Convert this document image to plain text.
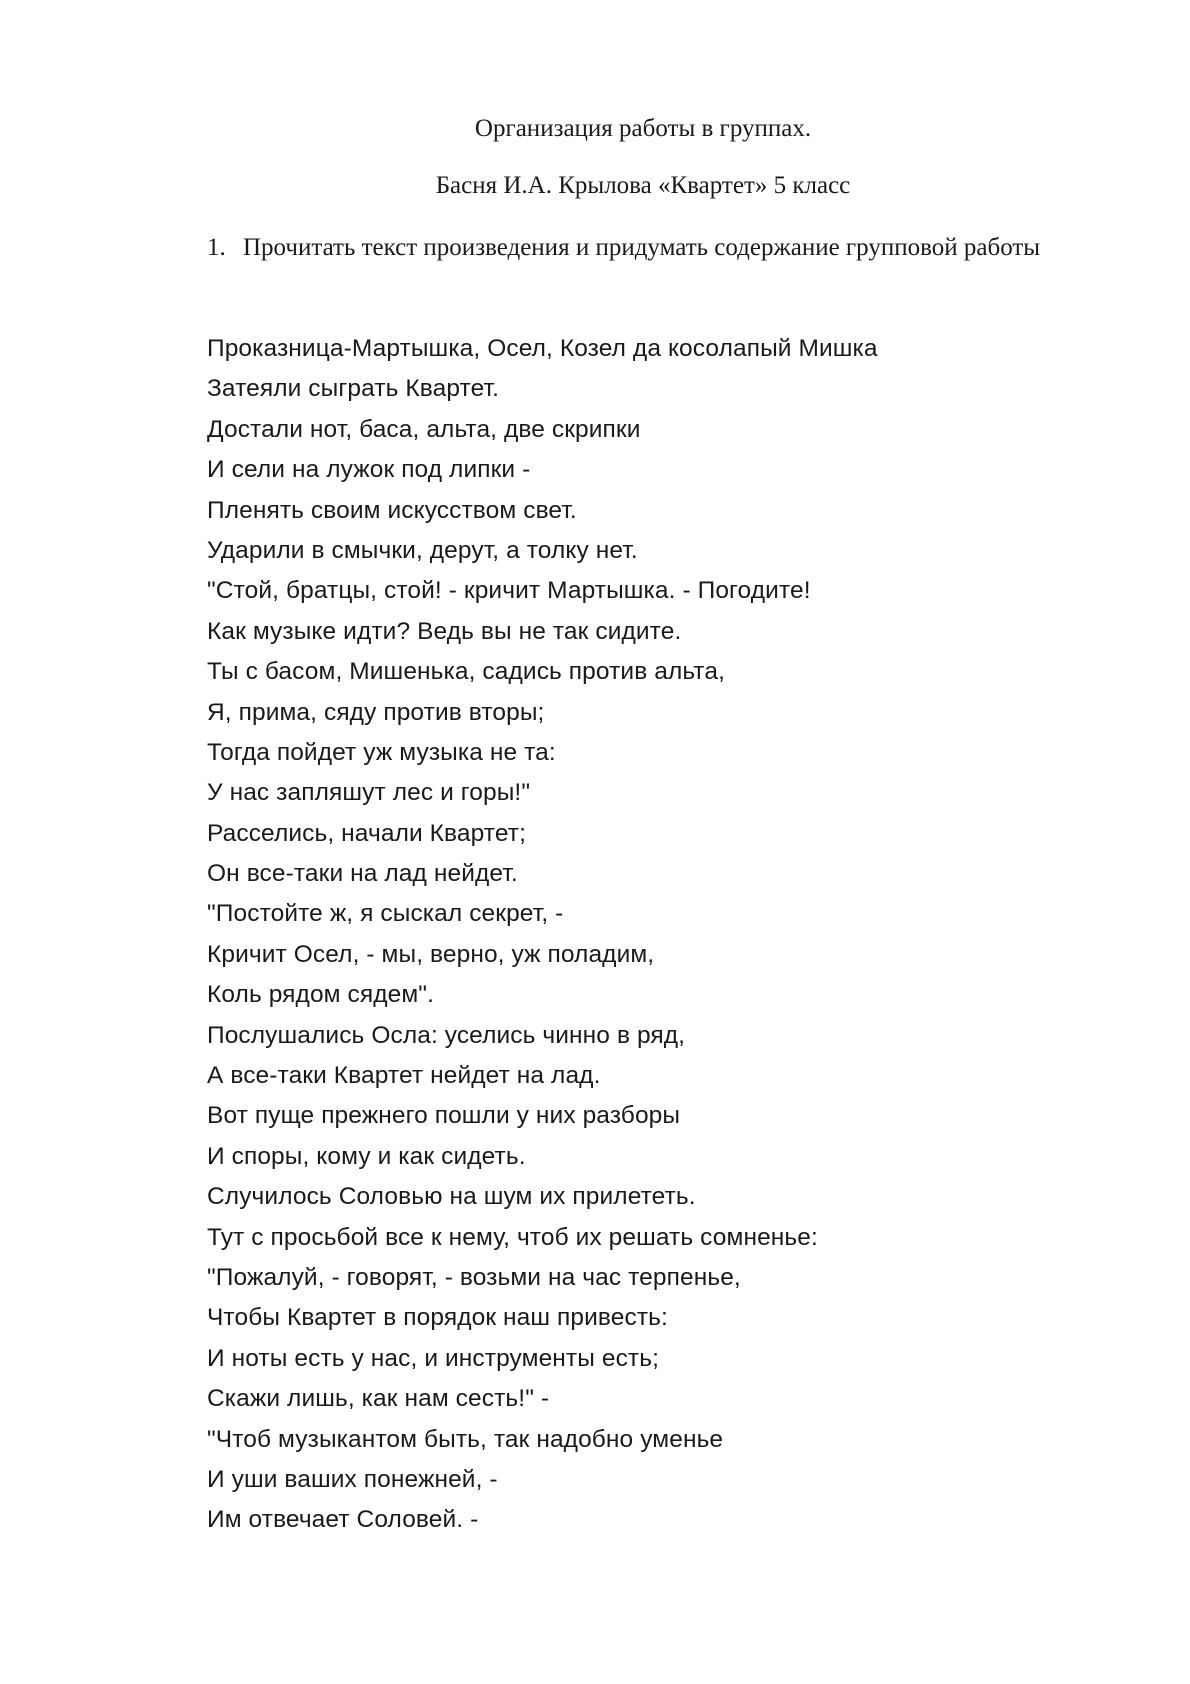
Организация работы в группах.
Басня И.А. Крылова «Квартет» 5 класс
1. Прочитать текст произведения и придумать содержание групповой работы
Проказница-Мартышка, Осел, Козел да косолапый Мишка
Затеяли сыграть Квартет.
Достали нот, баса, альта, две скрипки
И сели на лужок под липки -
Пленять своим искусством свет.
Ударили в смычки, дерут, а толку нет.
"Стой, братцы, стой! - кричит Мартышка. - Погодите!
Как музыке идти? Ведь вы не так сидите.
Ты с басом, Мишенька, садись против альта,
Я, прима, сяду против вторы;
Тогда пойдет уж музыка не та:
У нас запляшут лес и горы!"
Расселись, начали Квартет;
Он все-таки на лад нейдет.
"Постойте ж, я сыскал секрет, -
Кричит Осел, - мы, верно, уж поладим,
Коль рядом сядем".
Послушались Осла: уселись чинно в ряд,
А все-таки Квартет нейдет на лад.
Вот пуще прежнего пошли у них разборы
И споры, кому и как сидеть.
Случилось Соловью на шум их прилететь.
Тут с просьбой все к нему, чтоб их решать сомненье:
"Пожалуй, - говорят, - возьми на час терпенье,
Чтобы Квартет в порядок наш привесть:
И ноты есть у нас, и инструменты есть;
Скажи лишь, как нам сесть!" -
"Чтоб музыкантом быть, так надобно уменье
И уши ваших понежней, -
Им отвечает Соловей. -
